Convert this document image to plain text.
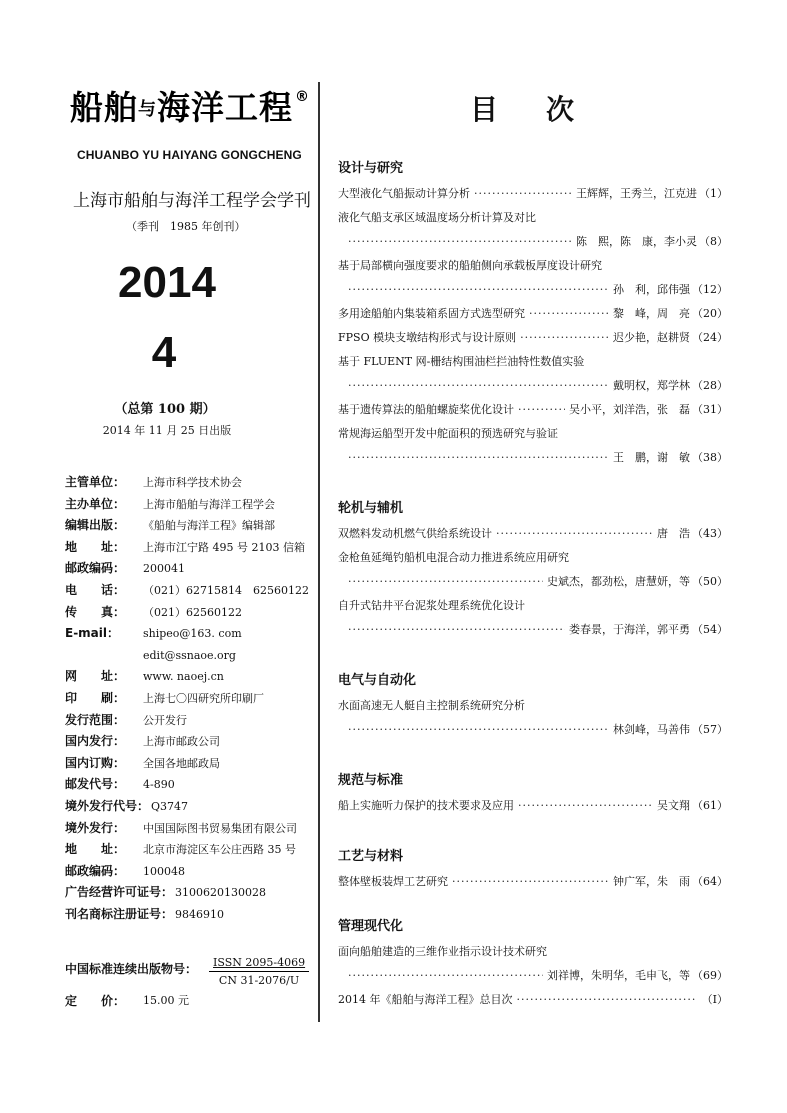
船舶与海洋工程 ®
CHUANBO YU HAIYANG GONGCHENG
上海市船舶与海洋工程学会学刊
（季刊　1985 年创刊）
2014
4
（总第 100 期）
2014 年 11 月 25 日出版
主管单位：	上海市科学技术协会
主办单位：	上海市船舶与海洋工程学会
编辑出版：	《船舶与海洋工程》编辑部
地　　址：	上海市江宁路 495 号 2103 信箱
邮政编码：	200041
电　　话：	（021）62715814　62560122
传　　真：	（021）62560122
E-mail：	shipeo@163. com
edit@ssnaoe.org
网　　址：	www. naoej.cn
印　　刷：	上海七〇四研究所印刷厂
发行范围：	公开发行
国内发行：	上海市邮政公司
国内订购：	全国各地邮政局
邮发代号：	4-890
境外发行代号： Q3747
境外发行：	中国国际图书贸易集团有限公司
地　　址：	北京市海淀区车公庄西路 35 号
邮政编码：	100048
广告经营许可证号： 3100620130028
刊名商标注册证号： 9846910
中国标准连续出版物号：	ISSN 2095-4069
CN 31-2076/U
定　　价：	15.00 元
目次
设计与研究
大型液化气船振动计算分析 ·····	王辉辉，王秀兰，江克进 （1）
液化气船支承区域温度场分析计算及对比
·····
陈　熙，陈　康，李小灵 （8）
基于局部横向强度要求的船舶侧向承载板厚度设计研究
·····
孙　利，邱伟强 （12）
多用途船舶内集装箱系固方式选型研究 ·····	黎　峰，周　亮 （20）
FPSO 模块支墩结构形式与设计原则 ·····	迟少艳，赵耕贤 （24）
基于 FLUENT 网-栅结构围油栏拦油特性数值实验
·····
戴明权，郑学林 （28）
基于遗传算法的船舶螺旋桨优化设计 ·····	吴小平，刘洋浩，张　磊 （31）
常规海运船型开发中舵面积的预选研究与验证
·····
王　鹏，谢　敏 （38）
轮机与辅机
双燃料发动机燃气供给系统设计 ·····	唐　浩 （43）
金枪鱼延绳钓船机电混合动力推进系统应用研究
·····
史斌杰，都劲松，唐慧妍，等 （50）
自升式钻井平台泥浆处理系统优化设计
·····
娄春景，于海洋，郭平勇 （54）
电气与自动化
水面高速无人艇自主控制系统研究分析
·····
林剑峰，马善伟 （57）
规范与标准
船上实施听力保护的技术要求及应用 ·····	吴文翔 （61）
工艺与材料
整体壁板装焊工艺研究 ·····	钟广军，朱　雨 （64）
管理现代化
面向船舶建造的三维作业指示设计技术研究
·····
刘祥博，朱明华，毛申飞，等 （69）
2014 年《船舶与海洋工程》总目次 ·····	（Ⅰ）
